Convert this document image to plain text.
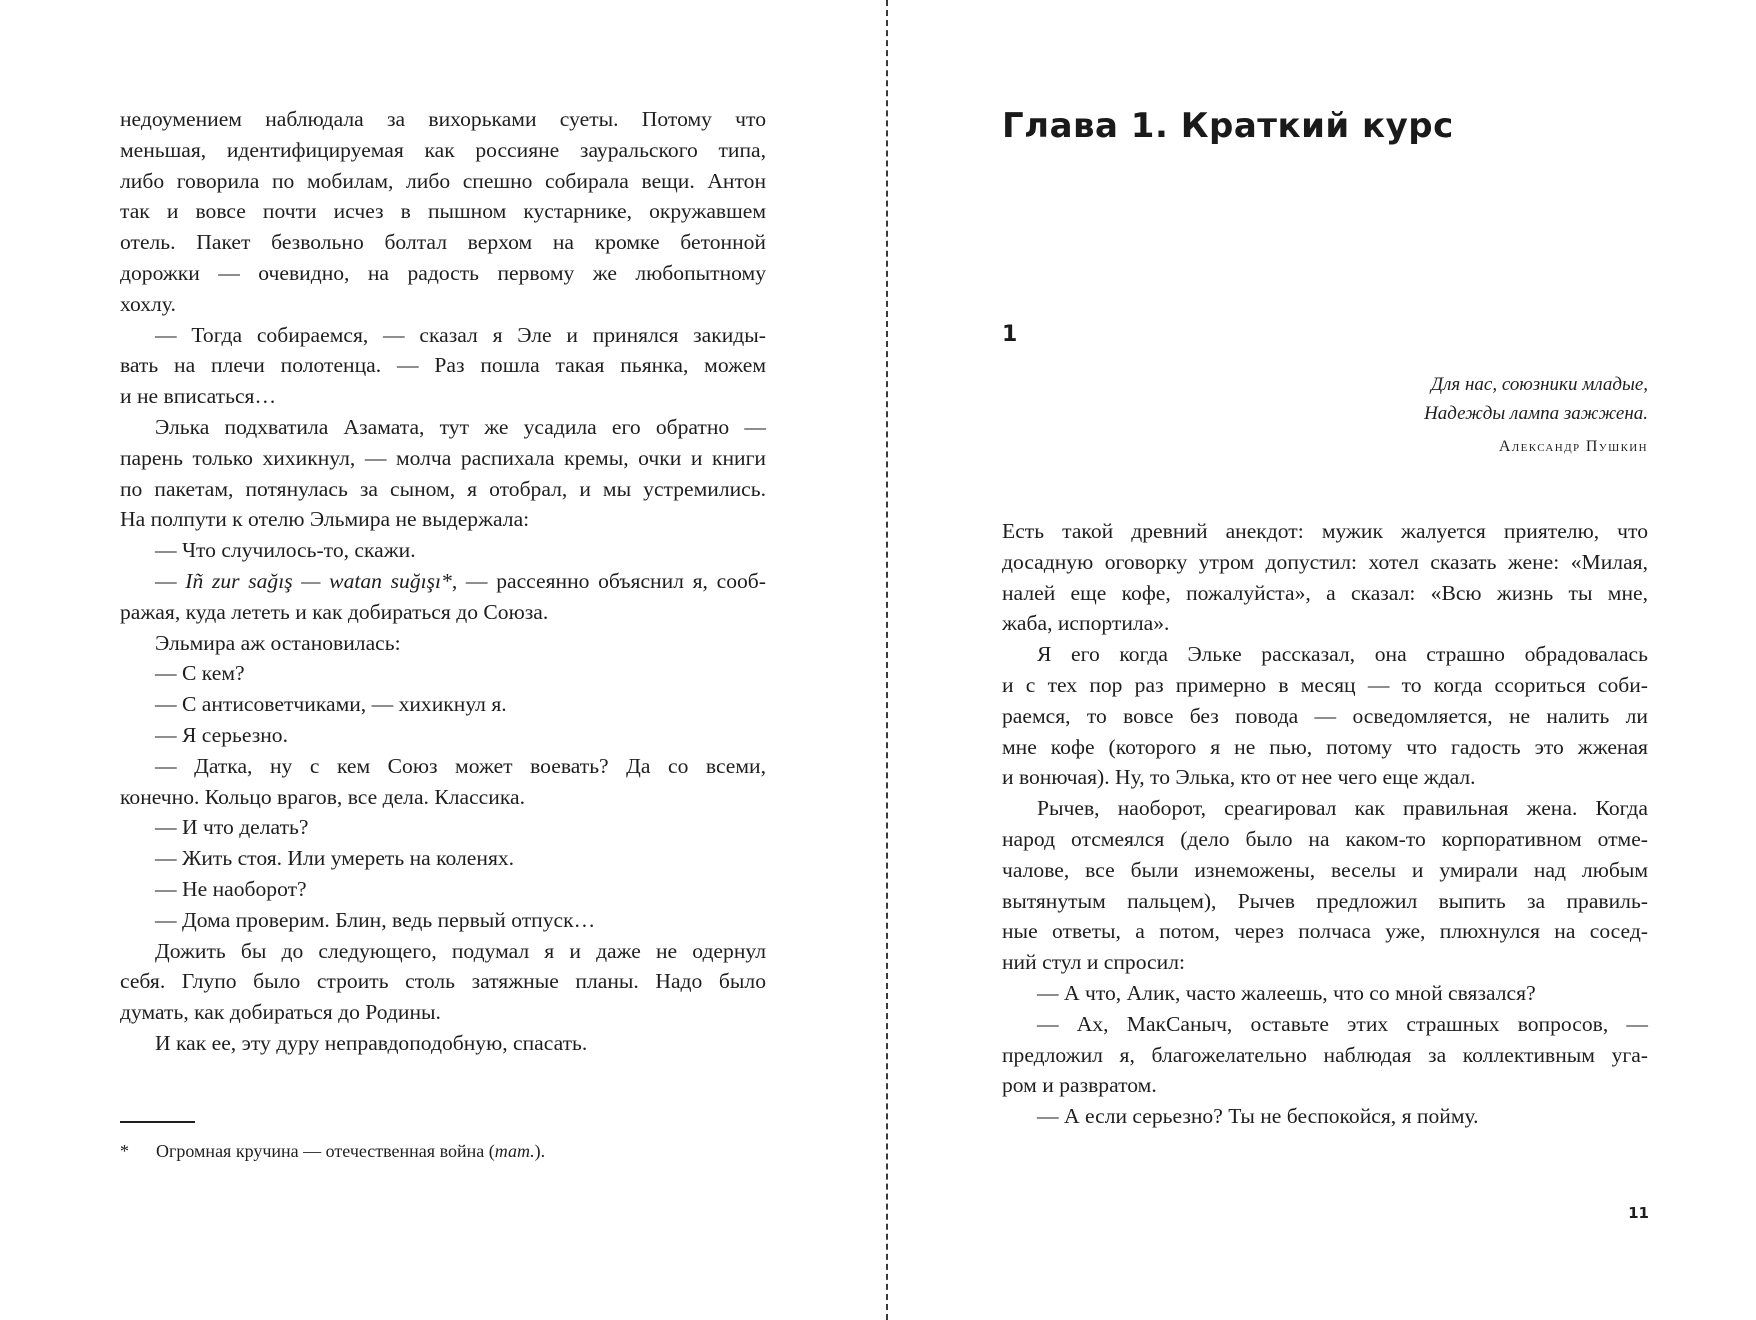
недоумением наблюдала за вихорьками суеты. Потому что
меньшая, идентифицируемая как россияне зауральского типа,
либо говорила по мобилам, либо спешно собирала вещи. Антон
так и вовсе почти исчез в пышном кустарнике, окружавшем
отель. Пакет безвольно болтал верхом на кромке бетонной
дорожки — очевидно, на радость первому же любопытному
хохлу.
— Тогда собираемся, — сказал я Эле и принялся закиды-
вать на плечи полотенца. — Раз пошла такая пьянка, можем
и не вписаться…
Элька подхватила Азамата, тут же усадила его обратно —
парень только хихикнул, — молча распихала кремы, очки и книги
по пакетам, потянулась за сыном, я отобрал, и мы устремились.
На полпути к отелю Эльмира не выдержала:
— Что случилось-то, скажи.
— Iñ zur sağış — watan suğışı*, — рассеянно объяснил я, сооб-
ражая, куда лететь и как добираться до Союза.
Эльмира аж остановилась:
— С кем?
— С антисоветчиками, — хихикнул я.
— Я серьезно.
— Датка, ну с кем Союз может воевать? Да со всеми,
конечно. Кольцо врагов, все дела. Классика.
— И что делать?
— Жить стоя. Или умереть на коленях.
— Не наоборот?
— Дома проверим. Блин, ведь первый отпуск…
Дожить бы до следующего, подумал я и даже не одернул
себя. Глупо было строить столь затяжные планы. Надо было
думать, как добираться до Родины.
И как ее, эту дуру неправдоподобную, спасать.
* Огромная кручина — отечественная война (тат.).
Глава 1. Краткий курс
1
Для нас, союзники младые,
Надежды лампа зажжена.
Александр Пушкин
Есть такой древний анекдот: мужик жалуется приятелю, что
досадную оговорку утром допустил: хотел сказать жене: «Милая,
налей еще кофе, пожалуйста», а сказал: «Всю жизнь ты мне,
жаба, испортила».
Я его когда Эльке рассказал, она страшно обрадовалась
и с тех пор раз примерно в месяц — то когда ссориться соби-
раемся, то вовсе без повода — осведомляется, не налить ли
мне кофе (которого я не пью, потому что гадость это жженая
и вонючая). Ну, то Элька, кто от нее чего еще ждал.
Рычев, наоборот, среагировал как правильная жена. Когда
народ отсмеялся (дело было на каком-то корпоративном отме-
чалове, все были изнеможены, веселы и умирали над любым
вытянутым пальцем), Рычев предложил выпить за правиль-
ные ответы, а потом, через полчаса уже, плюхнулся на сосед-
ний стул и спросил:
— А что, Алик, часто жалеешь, что со мной связался?
— Ах, МакСаныч, оставьте этих страшных вопросов, —
предложил я, благожелательно наблюдая за коллективным уга-
ром и развратом.
— А если серьезно? Ты не беспокойся, я пойму.
11
